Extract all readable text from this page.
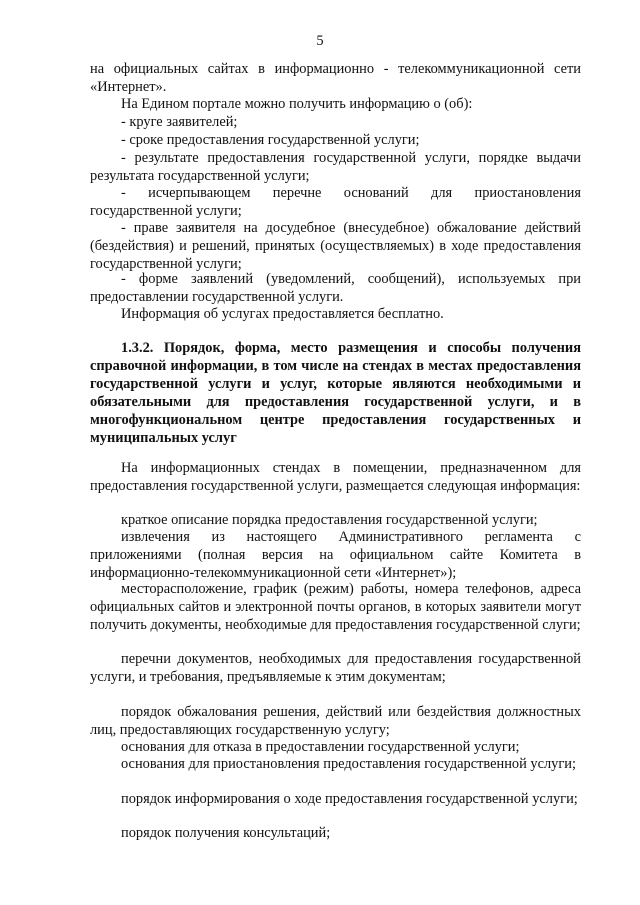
5

на официальных сайтах в информационно - телекоммуникационной сети «Интернет».

На Едином портале можно получить информацию о (об):

- круге заявителей;

- сроке предоставления государственной услуги;

- результате предоставления государственной услуги, порядке выдачи результата государственной услуги;

- исчерпывающем перечне оснований для приостановления государственной услуги;

- праве заявителя на досудебное (внесудебное) обжалование действий (бездействия) и решений, принятых (осуществляемых) в ходе предоставления государственной услуги;

- форме заявлений (уведомлений, сообщений), используемых при предоставлении государственной услуги.

Информация об услугах предоставляется бесплатно.

1.3.2. Порядок, форма, место размещения и способы получения справочной информации, в том числе на стендах в местах предоставления государственной услуги и услуг, которые являются необходимыми и обязательными для предоставления государственной услуги, и в многофункциональном центре предоставления государственных и муниципальных услуг

На информационных стендах в помещении, предназначенном для предоставления государственной услуги, размещается следующая информация:

краткое описание порядка предоставления государственной услуги;

извлечения из настоящего Административного регламента с приложениями (полная версия на официальном сайте Комитета в информационно-телекоммуникационной сети «Интернет»);

месторасположение, график (режим) работы, номера телефонов, адреса официальных сайтов и электронной почты органов, в которых заявители могут получить документы, необходимые для предоставления государственной слуги;

перечни документов, необходимых для предоставления государственной услуги, и требования, предъявляемые к этим документам;

порядок обжалования решения, действий или бездействия должностных лиц, предоставляющих государственную услугу;

основания для отказа в предоставлении государственной услуги;

основания для приостановления предоставления государственной услуги;

порядок информирования о ходе предоставления государственной услуги;

порядок получения консультаций;
